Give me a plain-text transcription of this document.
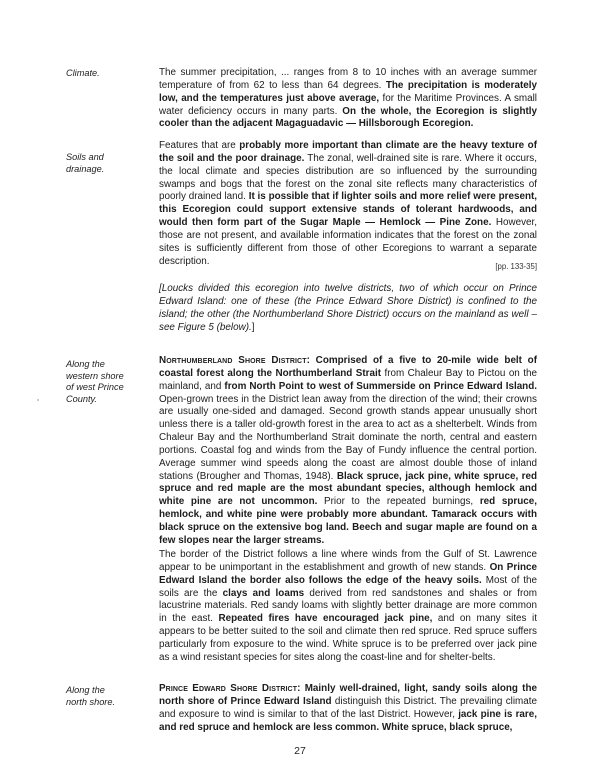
Climate.
Soils and
drainage.
Along the
western shore
of west Prince
County.
Along the
north shore.
The summer precipitation, ... ranges from 8 to 10 inches with an average summer temperature of from 62 to less than 64 degrees. The precipitation is moderately low, and the temperatures just above average, for the Maritime Provinces. A small water deficiency occurs in many parts. On the whole, the Ecoregion is slightly cooler than the adjacent Magaguadavic — Hillsborough Ecoregion.
Features that are probably more important than climate are the heavy texture of the soil and the poor drainage. The zonal, well-drained site is rare. Where it occurs, the local climate and species distribution are so influenced by the surrounding swamps and bogs that the forest on the zonal site reflects many characteristics of poorly drained land. It is possible that if lighter soils and more relief were present, this Ecoregion could support extensive stands of tolerant hardwoods, and would then form part of the Sugar Maple — Hemlock — Pine Zone. However, those are not present, and available information indicates that the forest on the zonal sites is sufficiently different from those of other Ecoregions to warrant a separate description.	[pp. 133-35]
[Loucks divided this ecoregion into twelve districts, two of which occur on Prince Edward Island: one of these (the Prince Edward Shore District) is confined to the island; the other (the Northumberland Shore District) occurs on the mainland as well – see Figure 5 (below).]
Northumberland Shore District: Comprised of a five to 20-mile wide belt of coastal forest along the Northumberland Strait from Chaleur Bay to Pictou on the mainland, and from North Point to west of Summerside on Prince Edward Island. Open-grown trees in the District lean away from the direction of the wind; their crowns are usually one-sided and damaged. Second growth stands appear unusually short unless there is a taller old-growth forest in the area to act as a shelterbelt. Winds from Chaleur Bay and the Northumberland Strait dominate the north, central and eastern portions. Coastal fog and winds from the Bay of Fundy influence the central portion. Average summer wind speeds along the coast are almost double those of inland stations (Brougher and Thomas, 1948). Black spruce, jack pine, white spruce, red spruce and red maple are the most abundant species, although hemlock and white pine are not uncommon. Prior to the repeated burnings, red spruce, hemlock, and white pine were probably more abundant. Tamarack occurs with black spruce on the extensive bog land. Beech and sugar maple are found on a few slopes near the larger streams.
The border of the District follows a line where winds from the Gulf of St. Lawrence appear to be unimportant in the establishment and growth of new stands. On Prince Edward Island the border also follows the edge of the heavy soils. Most of the soils are the clays and loams derived from red sandstones and shales or from lacustrine materials. Red sandy loams with slightly better drainage are more common in the east. Repeated fires have encouraged jack pine, and on many sites it appears to be better suited to the soil and climate then red spruce. Red spruce suffers particularly from exposure to the wind. White spruce is to be preferred over jack pine as a wind resistant species for sites along the coast-line and for shelter-belts.
Prince Edward Shore District: Mainly well-drained, light, sandy soils along the north shore of Prince Edward Island distinguish this District. The prevailing climate and exposure to wind is similar to that of the last District. However, jack pine is rare, and red spruce and hemlock are less common. White spruce, black spruce,
27
